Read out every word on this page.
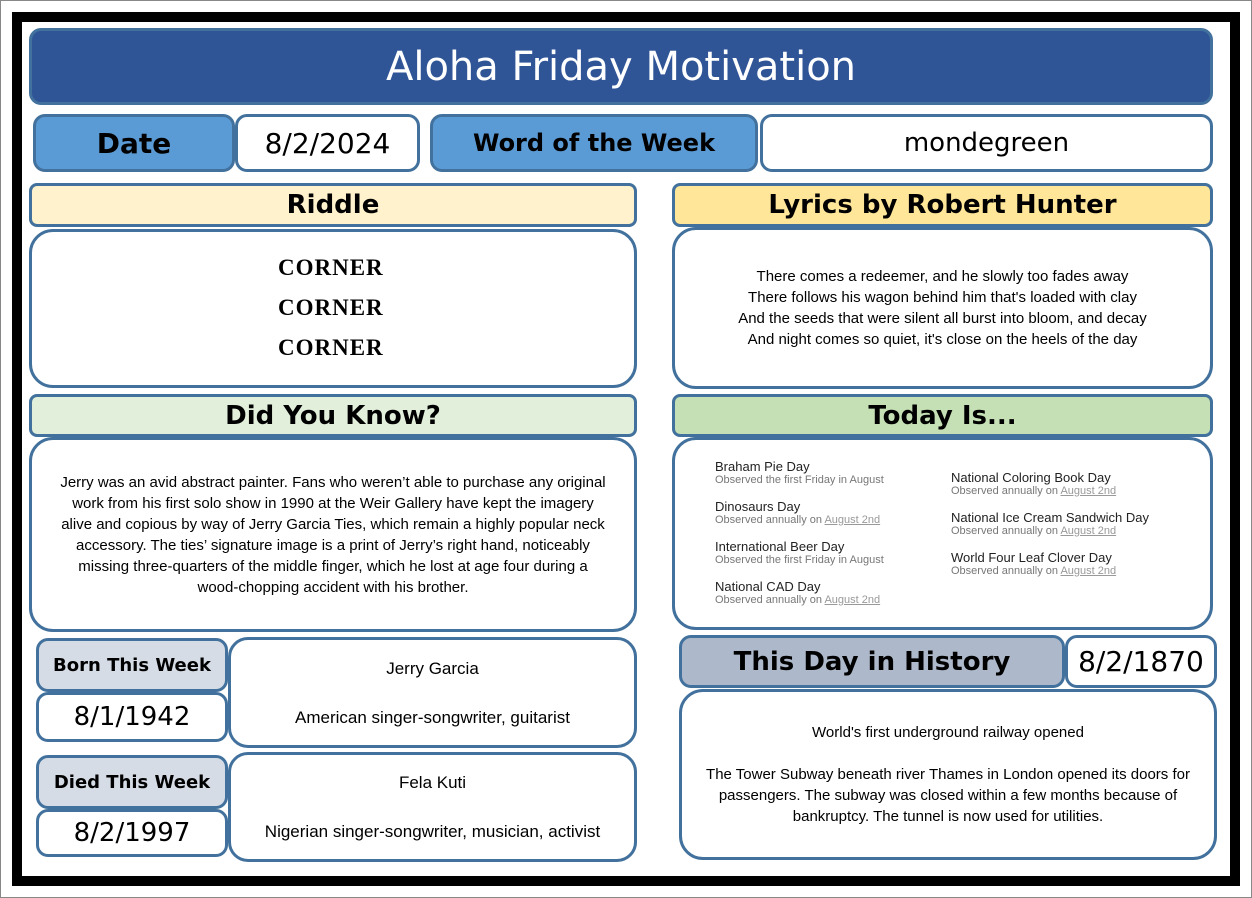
Aloha Friday Motivation
Date	8/2/2024	Word of the Week	mondegreen
Riddle
CORNER
CORNER
CORNER
Lyrics by Robert Hunter
There comes a redeemer, and he slowly too fades away
There follows his wagon behind him that's loaded with clay
And the seeds that were silent all burst into bloom, and decay
And night comes so quiet, it's close on the heels of the day
Did You Know?
Jerry was an avid abstract painter. Fans who weren’t able to purchase any original
work from his first solo show in 1990 at the Weir Gallery have kept the imagery
alive and copious by way of Jerry Garcia Ties, which remain a highly popular neck
accessory. The ties’ signature image is a print of Jerry’s right hand, noticeably
missing three-quarters of the middle finger, which he lost at age four during a
wood-chopping accident with his brother.
Today Is...
Braham Pie Day
Observed the first Friday in August
Dinosaurs Day
Observed annually on August 2nd
International Beer Day
Observed the first Friday in August
National CAD Day
Observed annually on August 2nd
National Coloring Book Day
Observed annually on August 2nd
National Ice Cream Sandwich Day
Observed annually on August 2nd
World Four Leaf Clover Day
Observed annually on August 2nd
Born This Week
8/1/1942
Jerry Garcia
American singer-songwriter, guitarist
Died This Week
8/2/1997
Fela Kuti
Nigerian singer-songwriter, musician, activist
This Day in History	8/2/1870
World's first underground railway opened
The Tower Subway beneath river Thames in London opened its doors for
passengers. The subway was closed within a few months because of
bankruptcy. The tunnel is now used for utilities.
